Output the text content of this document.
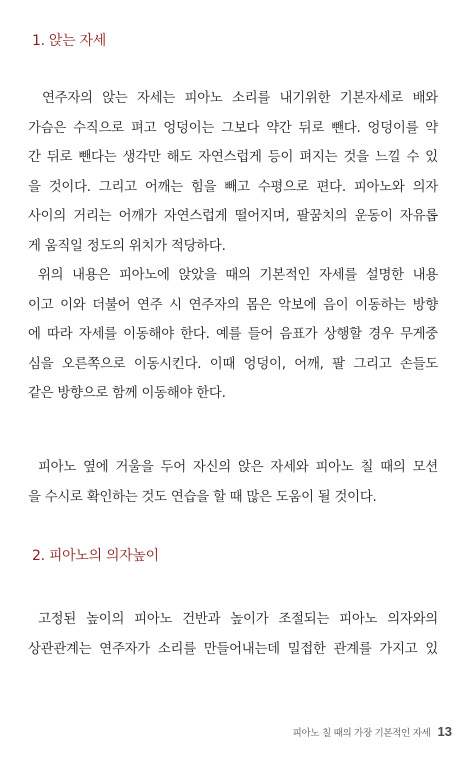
1. 앉는 자세
연주자의 앉는 자세는 피아노 소리를 내기위한 기본자세로 배와
가슴은 수직으로 펴고 엉덩이는 그보다 약간 뒤로 뺀다. 엉덩이를 약
간 뒤로 뺀다는 생각만 해도 자연스럽게 등이 펴지는 것을 느낄 수 있
을 것이다. 그리고 어깨는 힘을 빼고 수평으로 편다. 피아노와 의자
사이의 거리는 어깨가 자연스럽게 떨어지며, 팔꿈치의 운동이 자유롭
게 움직일 정도의 위치가 적당하다.
위의 내용은 피아노에 앉았을 때의 기본적인 자세를 설명한 내용
이고 이와 더불어 연주 시 연주자의 몸은 악보에 음이 이동하는 방향
에 따라 자세를 이동해야 한다. 예를 들어 음표가 상행할 경우 무게중
심을 오른쪽으로 이동시킨다. 이때 엉덩이, 어깨, 팔 그리고 손들도
같은 방향으로 함께 이동해야 한다.
피아노 옆에 거울을 두어 자신의 앉은 자세와 피아노 칠 때의 모션
을 수시로 확인하는 것도 연습을 할 때 많은 도움이 될 것이다.
2. 피아노의 의자높이
고정된 높이의 피아노 건반과 높이가 조절되는 피아노 의자와의
상관관계는 연주자가 소리를 만들어내는데 밀접한 관계를 가지고 있
피아노 칠 때의 가장 기본적인 자세 13
